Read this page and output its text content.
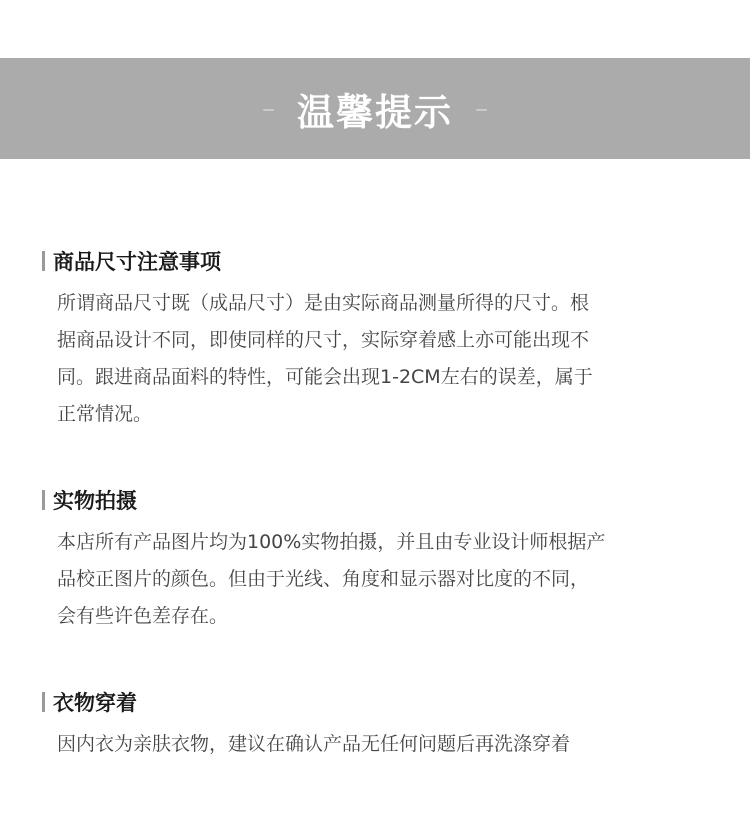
– 温馨提示 –
商品尺寸注意事项
所谓商品尺寸既（成品尺寸）是由实际商品测量所得的尺寸。根
据商品设计不同，即使同样的尺寸，实际穿着感上亦可能出现不
同。跟进商品面料的特性，可能会出现1-2CM左右的误差，属于
正常情况。
实物拍摄
本店所有产品图片均为100%实物拍摄，并且由专业设计师根据产
品校正图片的颜色。但由于光线、角度和显示器对比度的不同，
会有些许色差存在。
衣物穿着
因内衣为亲肤衣物，建议在确认产品无任何问题后再洗涤穿着
